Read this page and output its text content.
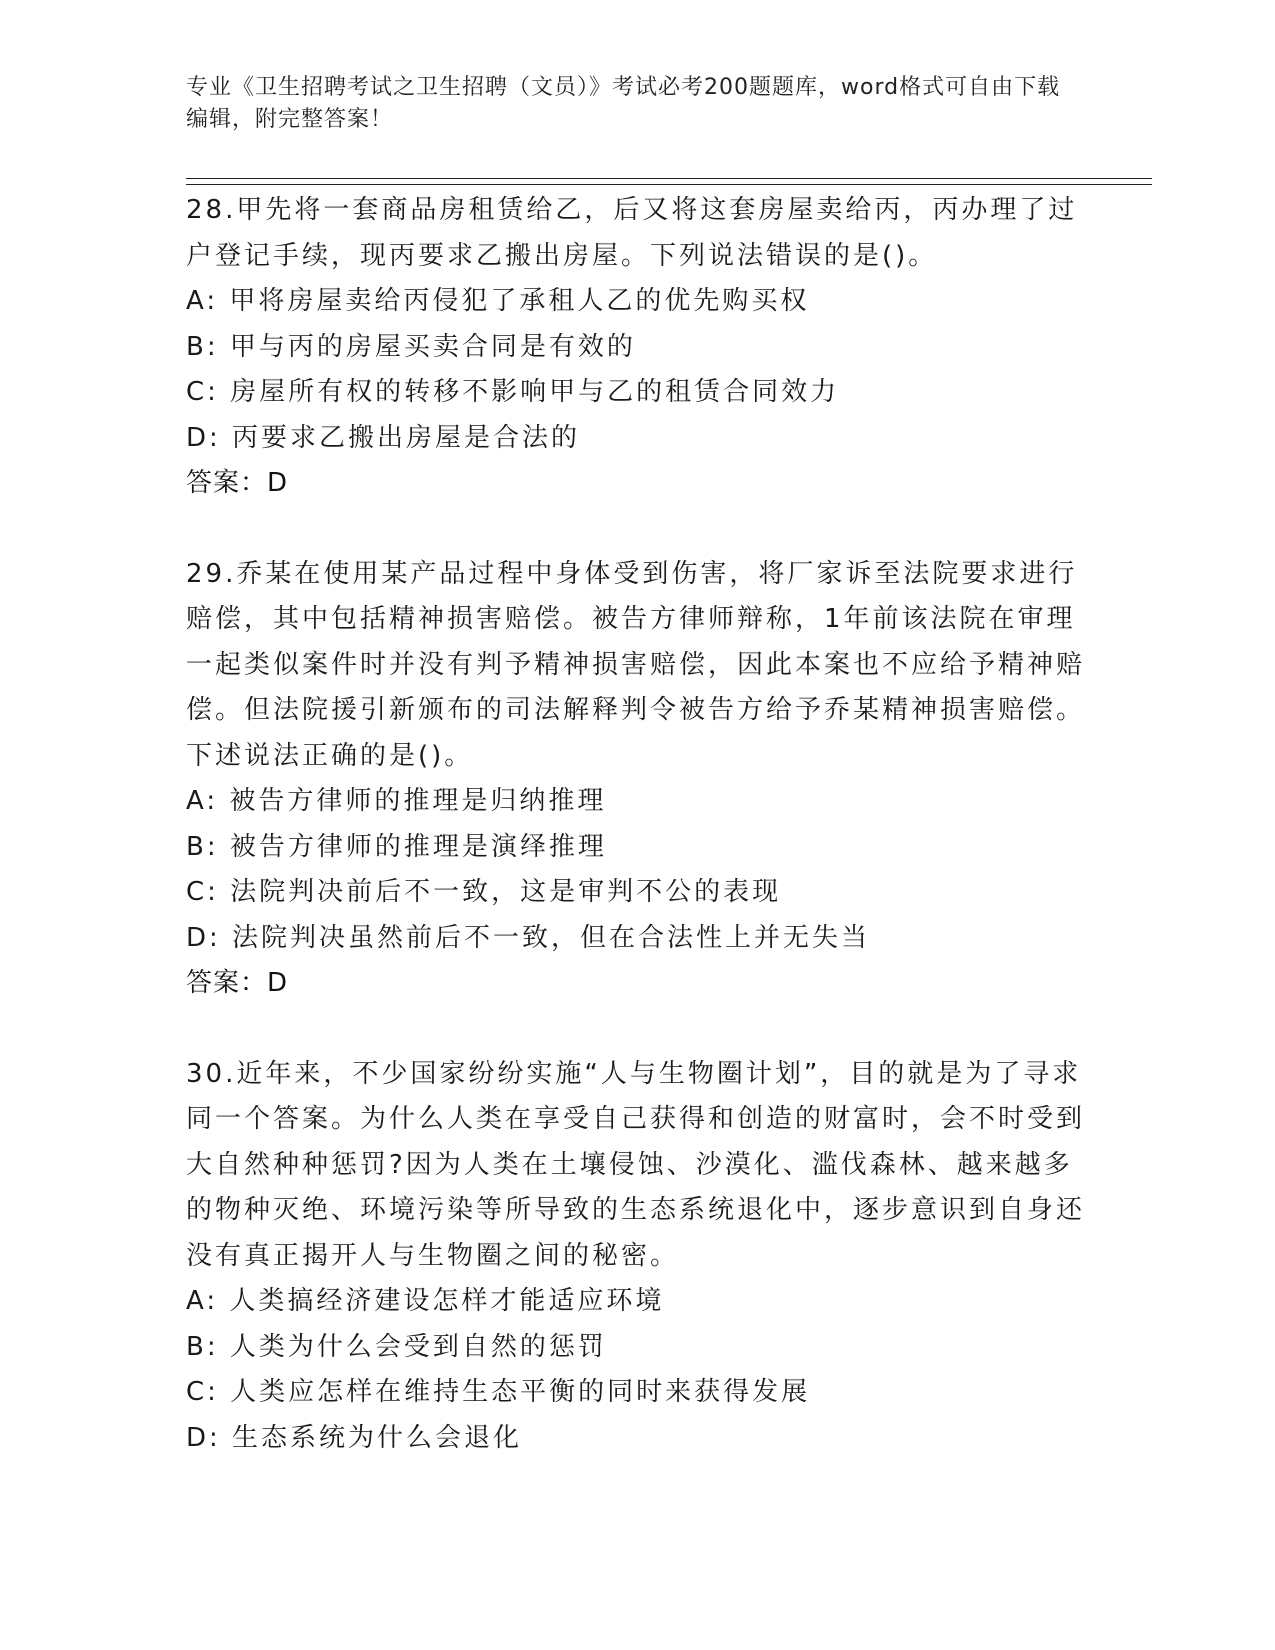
专业《卫生招聘考试之卫生招聘（文员）》考试必考200题题库，word格式可自由下载编辑，附完整答案！
28.甲先将一套商品房租赁给乙，后又将这套房屋卖给丙，丙办理了过户登记手续，现丙要求乙搬出房屋。下列说法错误的是()。
A: 甲将房屋卖给丙侵犯了承租人乙的优先购买权
B: 甲与丙的房屋买卖合同是有效的
C: 房屋所有权的转移不影响甲与乙的租赁合同效力
D: 丙要求乙搬出房屋是合法的
答案：D
29.乔某在使用某产品过程中身体受到伤害，将厂家诉至法院要求进行赔偿，其中包括精神损害赔偿。被告方律师辩称，1年前该法院在审理一起类似案件时并没有判予精神损害赔偿，因此本案也不应给予精神赔偿。但法院援引新颁布的司法解释判令被告方给予乔某精神损害赔偿。下述说法正确的是()。
A: 被告方律师的推理是归纳推理
B: 被告方律师的推理是演绎推理
C: 法院判决前后不一致，这是审判不公的表现
D: 法院判决虽然前后不一致，但在合法性上并无失当
答案：D
30.近年来，不少国家纷纷实施“人与生物圈计划”，目的就是为了寻求同一个答案。为什么人类在享受自己获得和创造的财富时，会不时受到大自然种种惩罚?因为人类在土壤侵蚀、沙漠化、滥伐森林、越来越多的物种灭绝、环境污染等所导致的生态系统退化中，逐步意识到自身还没有真正揭开人与生物圈之间的秘密。
A: 人类搞经济建设怎样才能适应环境
B: 人类为什么会受到自然的惩罚
C: 人类应怎样在维持生态平衡的同时来获得发展
D: 生态系统为什么会退化
